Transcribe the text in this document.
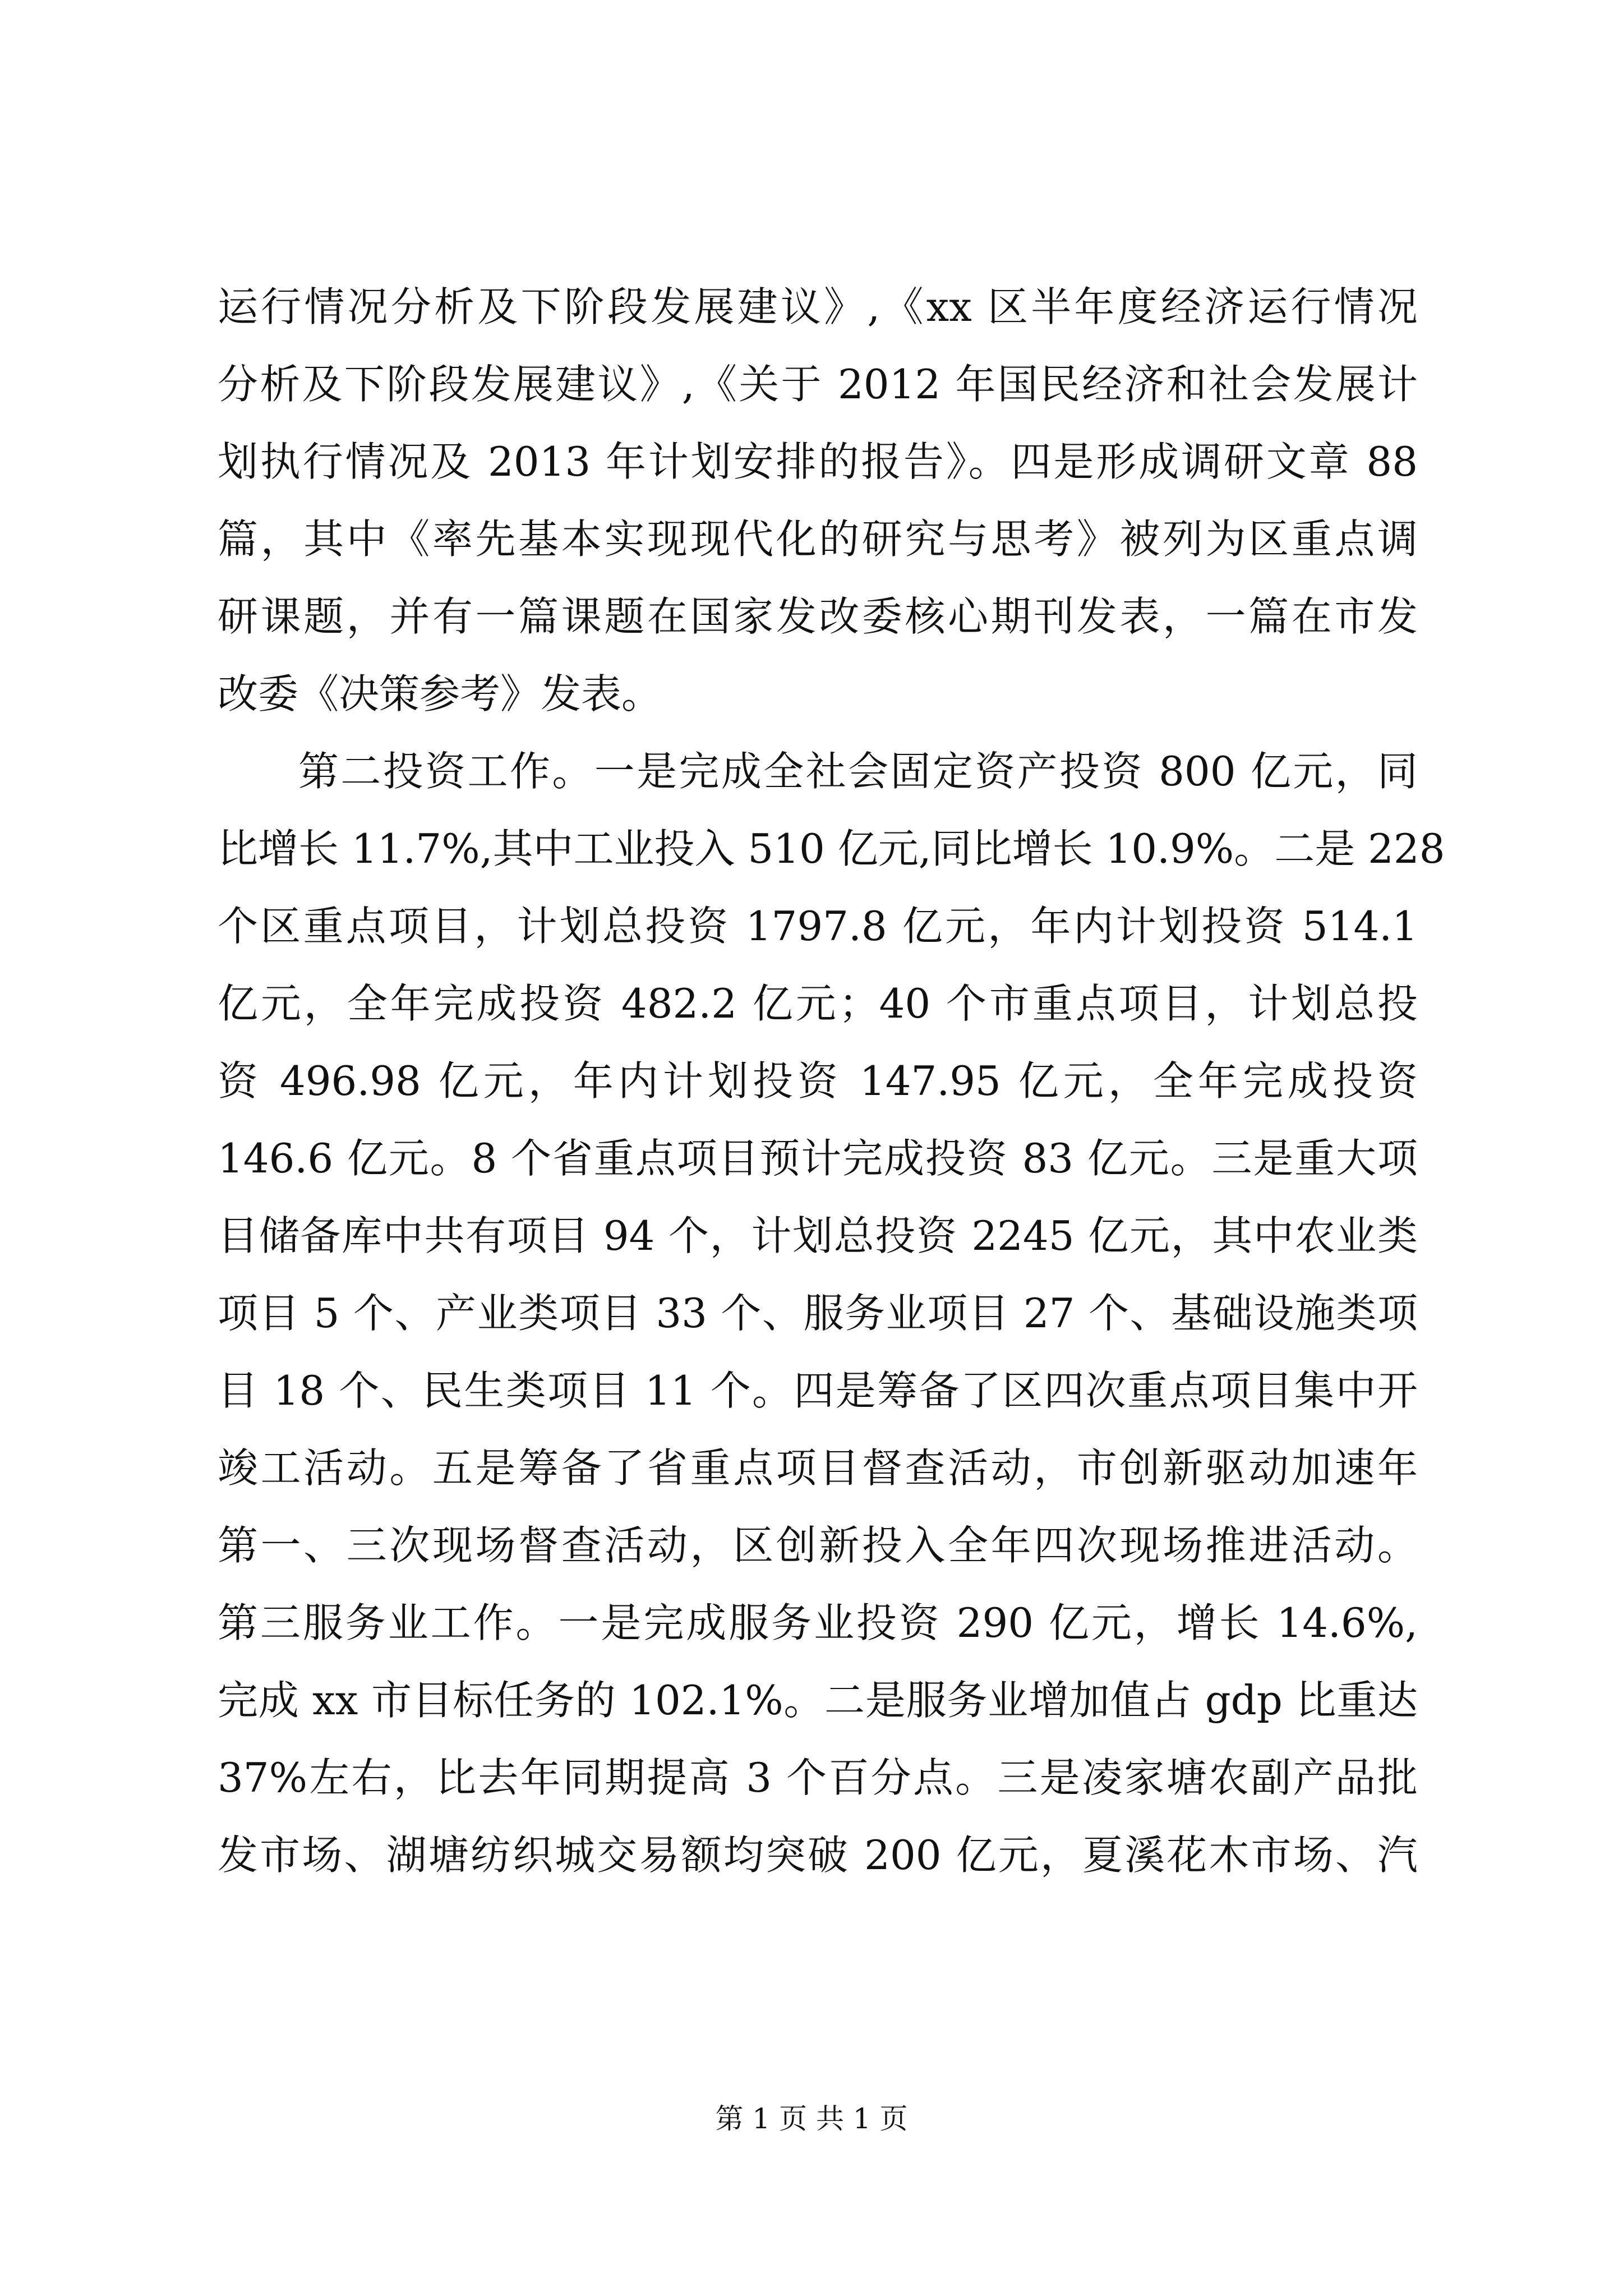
运行情况分析及下阶段发展建议》,《xx 区半年度经济运行情况
分析及下阶段发展建议》,《关于 2012 年国民经济和社会发展计
划执行情况及 2013 年计划安排的报告》。四是形成调研文章 88
篇，其中《率先基本实现现代化的研究与思考》被列为区重点调
研课题，并有一篇课题在国家发改委核心期刊发表，一篇在市发
改委《决策参考》发表。
第二投资工作。一是完成全社会固定资产投资 800 亿元，同
比增长 11.7%,其中工业投入 510 亿元,同比增长 10.9%。二是 228
个区重点项目，计划总投资 1797.8 亿元，年内计划投资 514.1
亿元，全年完成投资 482.2 亿元；40 个市重点项目，计划总投
资 496.98 亿元，年内计划投资 147.95 亿元，全年完成投资
146.6 亿元。8 个省重点项目预计完成投资 83 亿元。三是重大项
目储备库中共有项目 94 个，计划总投资 2245 亿元，其中农业类
项目 5 个、产业类项目 33 个、服务业项目 27 个、基础设施类项
目 18 个、民生类项目 11 个。四是筹备了区四次重点项目集中开
竣工活动。五是筹备了省重点项目督查活动，市创新驱动加速年
第一、三次现场督查活动，区创新投入全年四次现场推进活动。
第三服务业工作。一是完成服务业投资 290 亿元，增长 14.6%,
完成 xx 市目标任务的 102.1%。二是服务业增加值占 gdp 比重达
37%左右，比去年同期提高 3 个百分点。三是凌家塘农副产品批
发市场、湖塘纺织城交易额均突破 200 亿元，夏溪花木市场、汽
第 1 页 共 1 页
